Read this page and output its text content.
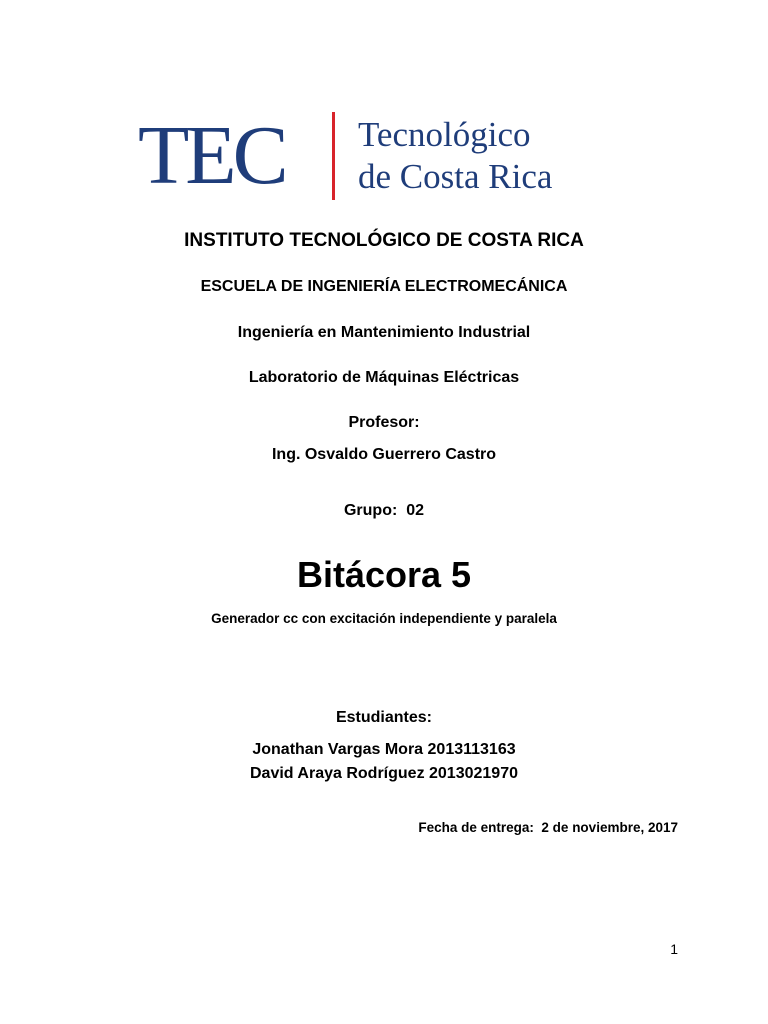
TEC Tecnológico
de Costa Rica
INSTITUTO TECNOLÓGICO DE COSTA RICA
ESCUELA DE INGENIERÍA ELECTROMECÁNICA
Ingeniería en Mantenimiento Industrial
Laboratorio de Máquinas Eléctricas
Profesor:
Ing. Osvaldo Guerrero Castro
Grupo:  02
Bitácora 5
Generador cc con excitación independiente y paralela
Estudiantes:
Jonathan Vargas Mora 2013113163
David Araya Rodríguez 2013021970
Fecha de entrega:  2 de noviembre, 2017
1
